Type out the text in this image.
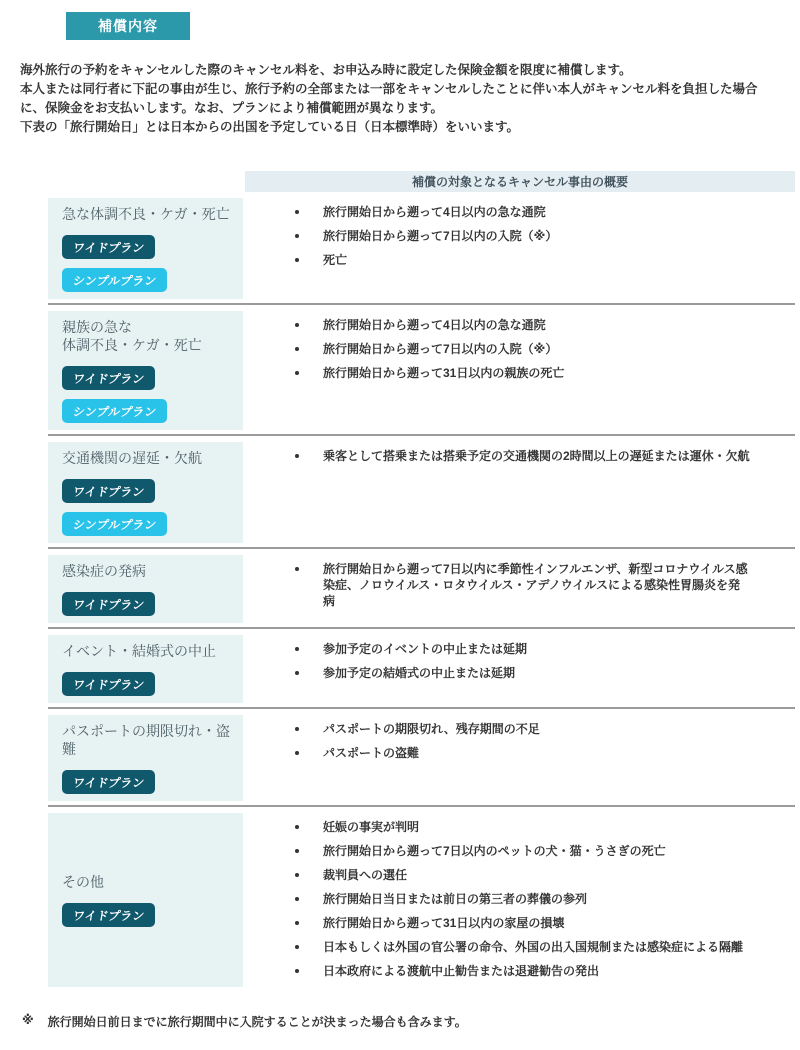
補償内容

海外旅行の予約をキャンセルした際のキャンセル料を、お申込み時に設定した保険金額を限度に補償します。

本人または同行者に下記の事由が生じ、旅行予約の全部または一部をキャンセルしたことに伴い本人がキャンセル料を負担した場合に、保険金をお支払いします。なお、プランにより補償範囲が異なります。

下表の「旅行開始日」とは日本からの出国を予定している日（日本標準時）をいいます。

補償の対象となるキャンセル事由の概要
急な体調不良・ケガ・死亡
ワイドプラン
シンプルプラン
旅行開始日から遡って4日以内の急な通院
旅行開始日から遡って7日以内の入院（※）
死亡
親族の急な
体調不良・ケガ・死亡
ワイドプラン
シンプルプラン
旅行開始日から遡って4日以内の急な通院
旅行開始日から遡って7日以内の入院（※）
旅行開始日から遡って31日以内の親族の死亡
交通機関の遅延・欠航
ワイドプラン
シンプルプラン
乗客として搭乗または搭乗予定の交通機関の2時間以上の遅延または運休・欠航
感染症の発病
ワイドプラン
旅行開始日から遡って7日以内に季節性インフルエンザ、新型コロナウイルス感染症、ノロウイルス・ロタウイルス・アデノウイルスによる感染性胃腸炎を発病
イベント・結婚式の中止
ワイドプラン
参加予定のイベントの中止または延期
参加予定の結婚式の中止または延期
パスポートの期限切れ・盗難
ワイドプラン
パスポートの期限切れ、残存期間の不足
パスポートの盗難
その他
ワイドプラン
妊娠の事実が判明
旅行開始日から遡って7日以内のペットの犬・猫・うさぎの死亡
裁判員への選任
旅行開始日当日または前日の第三者の葬儀の参列
旅行開始日から遡って31日以内の家屋の損壊
日本もしくは外国の官公署の命令、外国の出入国規制または感染症による隔離
日本政府による渡航中止勧告または退避勧告の発出

※ 旅行開始日前日までに旅行期間中に入院することが決まった場合も含みます。
